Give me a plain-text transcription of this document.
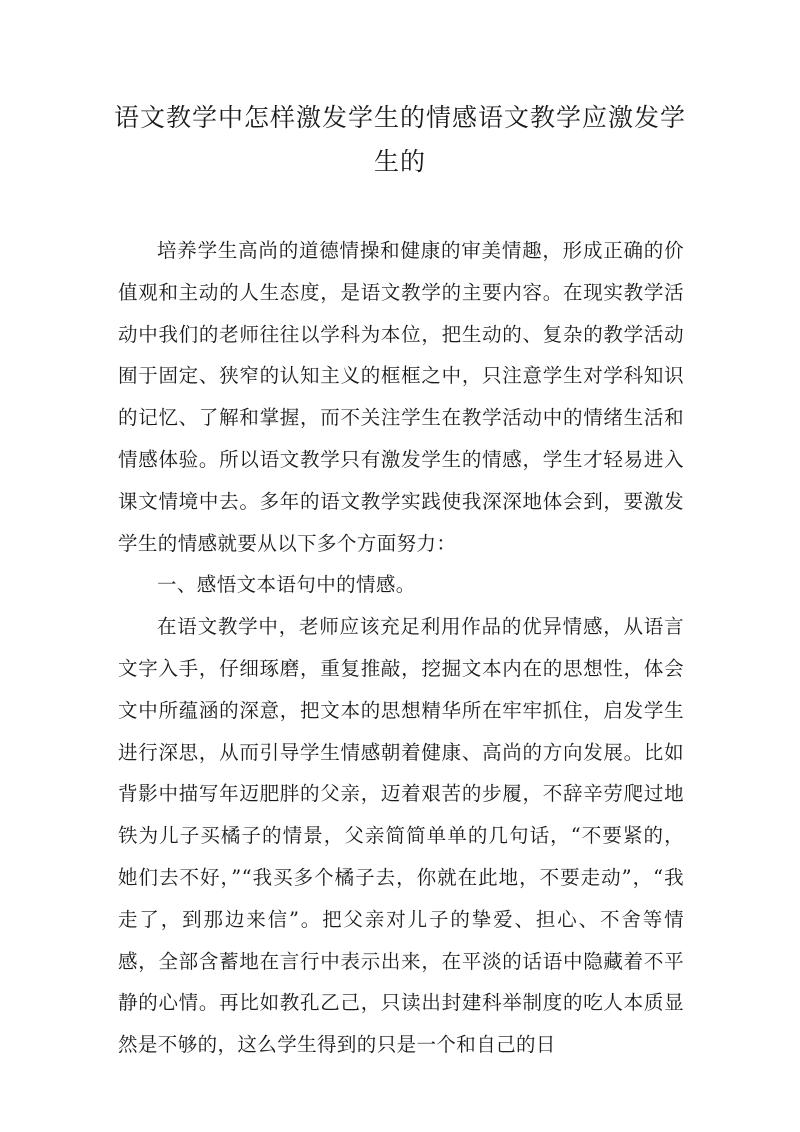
语文教学中怎样激发学生的情感语文教学应激发学生的

培养学生高尚的道德情操和健康的审美情趣，形成正确的价值观和主动的人生态度，是语文教学的主要内容。在现实教学活动中我们的老师往往以学科为本位，把生动的、复杂的教学活动囿于固定、狭窄的认知主义的框框之中，只注意学生对学科知识的记忆、了解和掌握，而不关注学生在教学活动中的情绪生活和情感体验。所以语文教学只有激发学生的情感，学生才轻易进入课文情境中去。多年的语文教学实践使我深深地体会到，要激发学生的情感就要从以下多个方面努力：

一、感悟文本语句中的情感。

在语文教学中，老师应该充足利用作品的优异情感，从语言文字入手，仔细琢磨，重复推敲，挖掘文本内在的思想性，体会文中所蕴涵的深意，把文本的思想精华所在牢牢抓住，启发学生进行深思，从而引导学生情感朝着健康、高尚的方向发展。比如背影中描写年迈肥胖的父亲，迈着艰苦的步履，不辞辛劳爬过地铁为儿子买橘子的情景，父亲简简单单的几句话，“不要紧的，她们去不好，”“我买多个橘子去，你就在此地，不要走动”，“我走了，到那边来信”。把父亲对儿子的挚爱、担心、不舍等情感，全部含蓄地在言行中表示出来，在平淡的话语中隐藏着不平静的心情。再比如教孔乙己，只读出封建科举制度的吃人本质显然是不够的，这么学生得到的只是一个和自己的日
